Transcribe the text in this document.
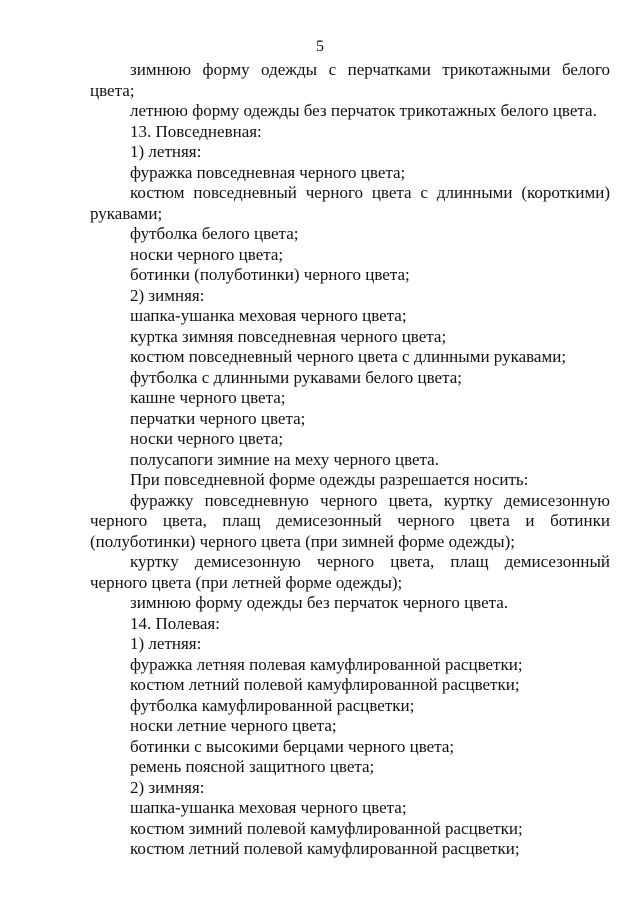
5

зимнюю форму одежды с перчатками трикотажными белого цвета;

летнюю форму одежды без перчаток трикотажных белого цвета.

13. Повседневная:

1) летняя:

фуражка повседневная черного цвета;

костюм повседневный черного цвета с длинными (короткими) рукавами;

футболка белого цвета;

носки черного цвета;

ботинки (полуботинки) черного цвета;

2) зимняя:

шапка-ушанка меховая черного цвета;

куртка зимняя повседневная черного цвета;

костюм повседневный черного цвета с длинными рукавами;

футболка с длинными рукавами белого цвета;

кашне черного цвета;

перчатки черного цвета;

носки черного цвета;

полусапоги зимние на меху черного цвета.

При повседневной форме одежды разрешается носить:

фуражку повседневную черного цвета, куртку демисезонную черного цвета, плащ демисезонный черного цвета и ботинки (полуботинки) черного цвета (при зимней форме одежды);

куртку демисезонную черного цвета, плащ демисезонный черного цвета (при летней форме одежды);

зимнюю форму одежды без перчаток черного цвета.

14. Полевая:

1) летняя:

фуражка летняя полевая камуфлированной расцветки;

костюм летний полевой камуфлированной расцветки;

футболка камуфлированной расцветки;

носки летние черного цвета;

ботинки с высокими берцами черного цвета;

ремень поясной защитного цвета;

2) зимняя:

шапка-ушанка меховая черного цвета;

костюм зимний полевой камуфлированной расцветки;

костюм летний полевой камуфлированной расцветки;
